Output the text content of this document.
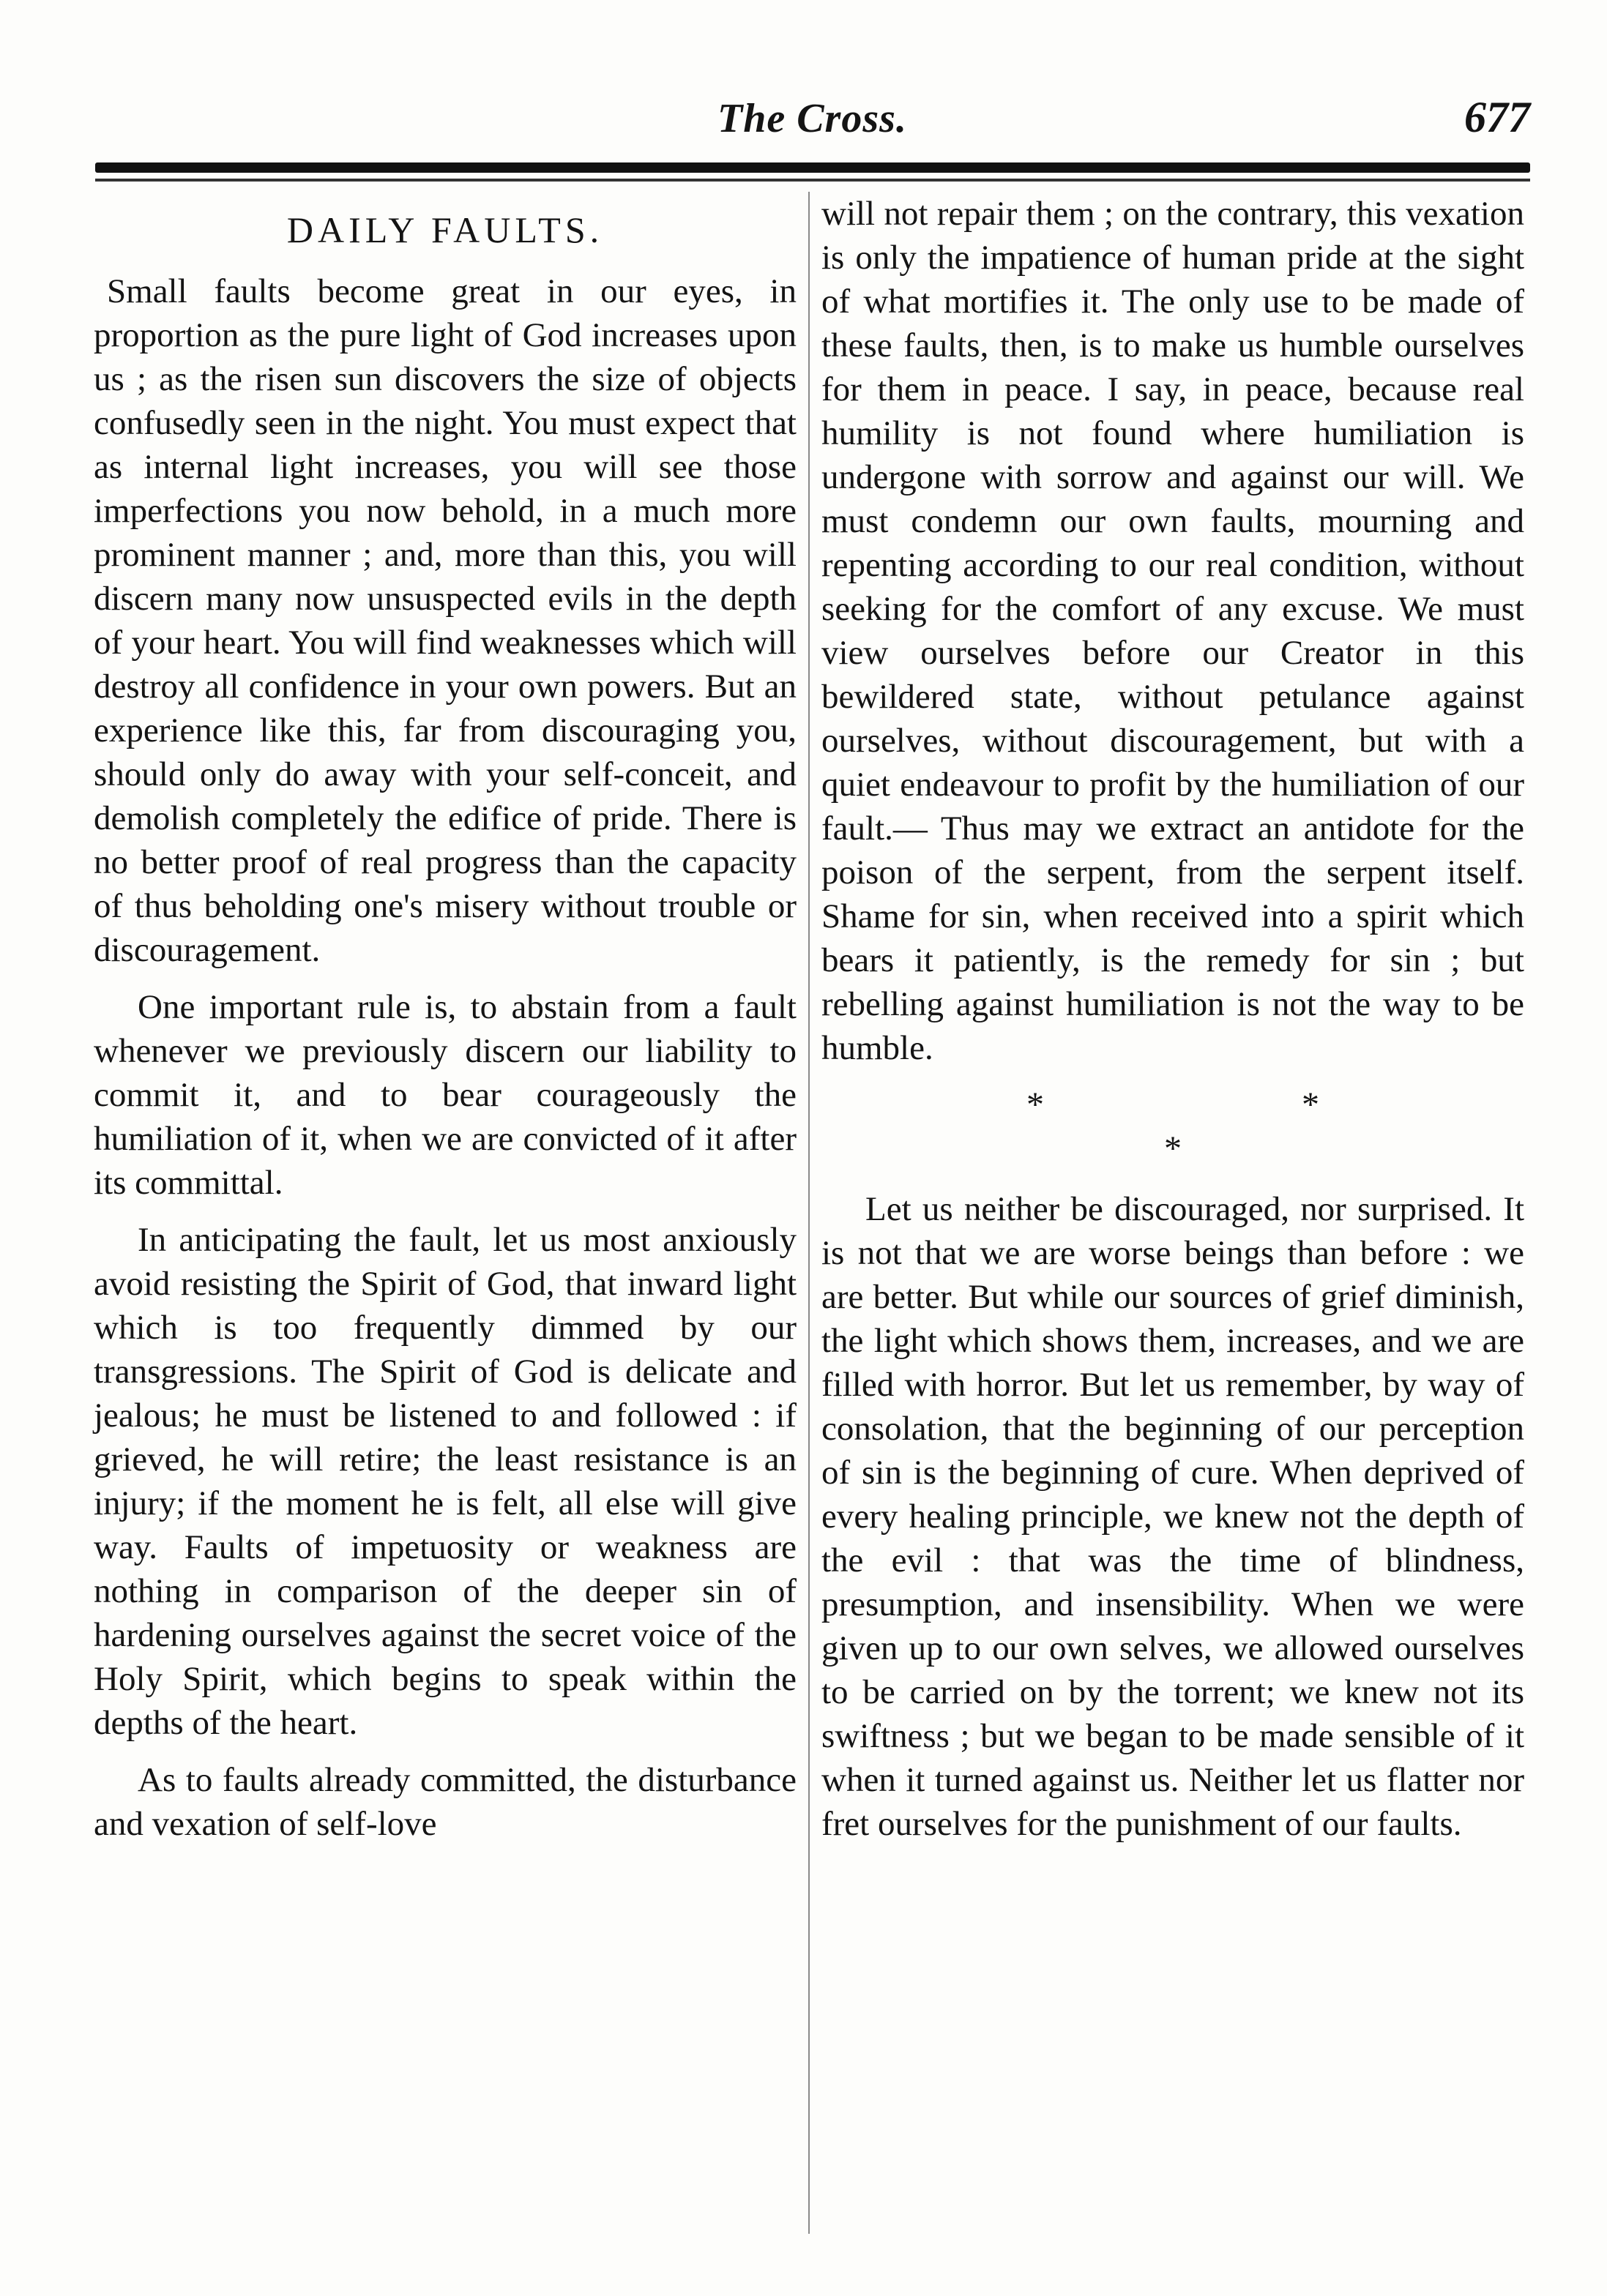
The Cross.	677
DAILY FAULTS.

Small faults become great in our eyes, in proportion as the pure light of God increases upon us ; as the risen sun discovers the size of objects confusedly seen in the night. You must expect that as internal light increases, you will see those imperfections you now behold, in a much more prominent manner ; and, more than this, you will discern many now unsuspected evils in the depth of your heart. You will find weaknesses which will destroy all confidence in your own powers. But an experience like this, far from discouraging you, should only do away with your self-conceit, and demolish completely the edifice of pride. There is no better proof of real progress than the capacity of thus beholding one's misery without trouble or discouragement.

One important rule is, to abstain from a fault whenever we previously discern our liability to commit it, and to bear courageously the humiliation of it, when we are convicted of it after its committal.

In anticipating the fault, let us most anxiously avoid resisting the Spirit of God, that inward light which is too frequently dimmed by our transgressions. The Spirit of God is delicate and jealous; he must be listened to and followed : if grieved, he will retire; the least resistance is an injury; if the moment he is felt, all else will give way. Faults of impetuosity or weakness are nothing in comparison of the deeper sin of hardening ourselves against the secret voice of the Holy Spirit, which begins to speak within the depths of the heart.

As to faults already committed, the disturbance and vexation of self-love

will not repair them ; on the contrary, this vexation is only the impatience of human pride at the sight of what mortifies it. The only use to be made of these faults, then, is to make us humble ourselves for them in peace. I say, in peace, because real humility is not found where humiliation is undergone with sorrow and against our will. We must condemn our own faults, mourning and repenting according to our real condition, without seeking for the comfort of any excuse. We must view ourselves before our Creator in this bewildered state, without petulance against ourselves, without discouragement, but with a quiet endeavour to profit by the humiliation of our fault.— Thus may we extract an antidote for the poison of the serpent, from the serpent itself. Shame for sin, when received into a spirit which bears it patiently, is the remedy for sin ; but rebelling against humiliation is not the way to be humble.

* * *

Let us neither be discouraged, nor surprised. It is not that we are worse beings than before : we are better. But while our sources of grief diminish, the light which shows them, increases, and we are filled with horror. But let us remember, by way of consolation, that the beginning of our perception of sin is the beginning of cure. When deprived of every healing principle, we knew not the depth of the evil : that was the time of blindness, presumption, and insensibility. When we were given up to our own selves, we allowed ourselves to be carried on by the torrent; we knew not its swiftness ; but we began to be made sensible of it when it turned against us. Neither let us flatter nor fret ourselves for the punishment of our faults.
